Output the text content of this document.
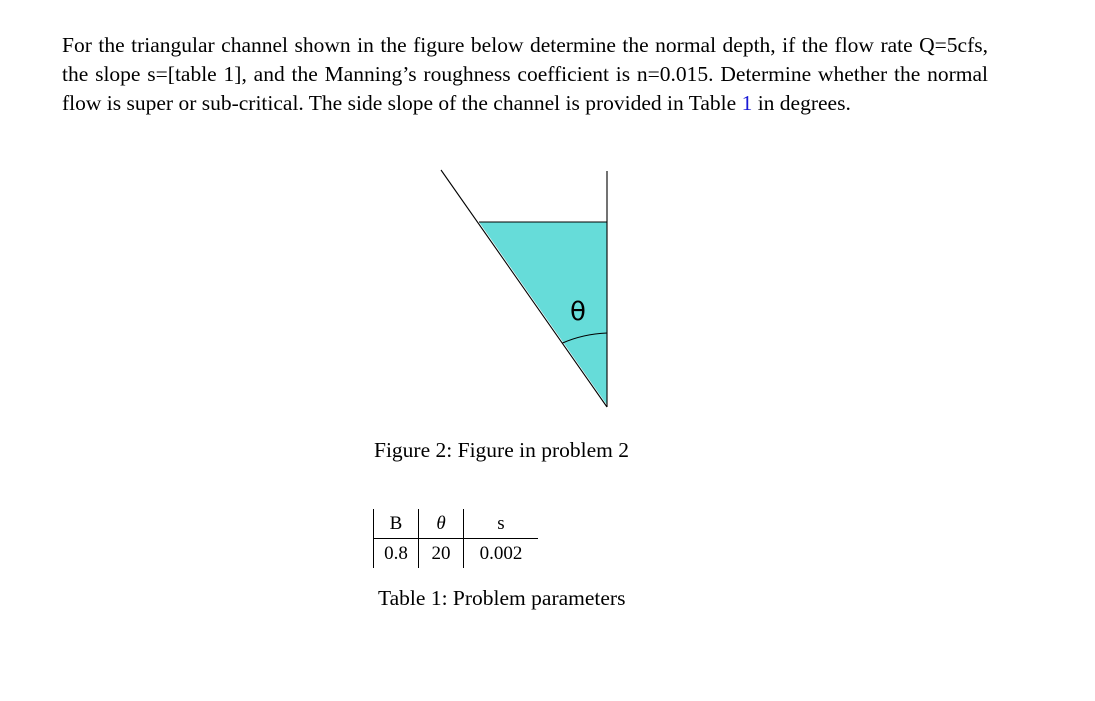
For the triangular channel shown in the figure below determine the normal depth, if the flow rate Q=5cfs, the slope s=[table 1], and the Manning’s roughness coefficient is n=0.015. Determine whether the normal flow is super or sub-critical. The side slope of the channel is provided in Table 1 in degrees.

θ
Figure 2: Figure in problem 2
B	θ	s
0.8	20	0.002
Table 1: Problem parameters
